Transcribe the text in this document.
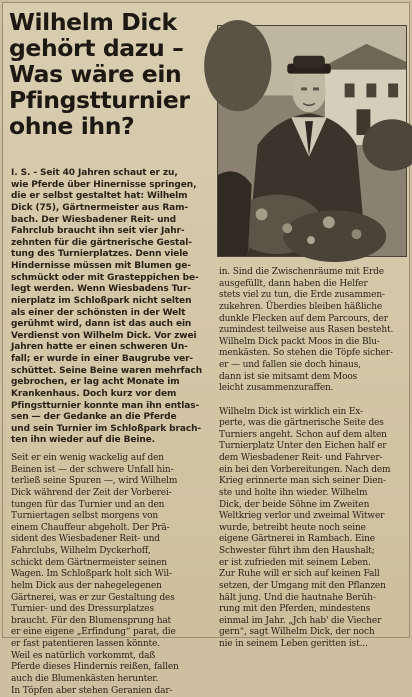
Wilhelm Dick
gehört dazu –
Was wäre ein
Pfingstturnier
ohne ihn?
I. S. - Seit 40 Jahren schaut er zu,
wie Pferde über Hinernisse springen,
die er selbst gestaltet hat: Wilhelm
Dick (75), Gärtnermeister aus Ram-
bach. Der Wiesbadener Reit- und
Fahrclub braucht ihn seit vier Jahr-
zehnten für die gärtnerische Gestal-
tung des Turnierplatzes. Denn viele
Hindernisse müssen mit Blumen ge-
schmückt oder mit Grasteppichen be-
legt werden. Wenn Wiesbadens Tur-
nierplatz im Schloßpark nicht selten
als einer der schönsten in der Welt
gerühmt wird, dann ist das auch ein
Verdienst von Wilhelm Dick. Vor zwei
Jahren hatte er einen schweren Un-
fall; er wurde in einer Baugrube ver-
schüttet. Seine Beine waren mehrfach
gebrochen, er lag acht Monate im
Krankenhaus. Doch kurz vor dem
Pfingstturnier konnte man ihn entlas-
sen — der Gedanke an die Pferde
und sein Turnier im Schloßpark brach-
ten ihn wieder auf die Beine.
Seit er ein wenig wackelig auf den
Beinen ist — der schwere Unfall hin-
terließ seine Spuren —, wird Wilhelm
Dick während der Zeit der Vorberei-
tungen für das Turnier und an den
Turniertagen selbst morgens von
einem Chauffeur abgeholt. Der Prä-
sident des Wiesbadener Reit- und
Fahrclubs, Wilhelm Dyckerhoff,
schickt dem Gärtnermeister seinen
Wagen. Im Schloßpark holt sich Wil-
helm Dick aus der nahegelegenen
Gärtnerei, was er zur Gestaltung des
Turnier- und des Dressurplatzes
braucht. Für den Blumensprung hat
er eine eigene „Erfindung“ parat, die
er fast patentieren lassen könnte.
Weil es natürlich vorkommt, daß
Pferde dieses Hindernis reißen, fallen
auch die Blumenkästen herunter.
In Töpfen aber stehen Geranien dar-
in. Sind die Zwischenräume mit Erde
ausgefüllt, dann haben die Helfer
stets viel zu tun, die Erde zusammen-
zukehren. Überdies bleiben häßliche
dunkle Flecken auf dem Parcours, der
zumindest teilweise aus Rasen besteht.
Wilhelm Dick packt Moos in die Blu-
menkästen. So stehen die Töpfe sicher-
er — und fallen sie doch hinaus,
dann ist sie mitsamt dem Moos
leicht zusammenzuraffen.

Wilhelm Dick ist wirklich ein Ex-
perte, was die gärtnerische Seite des
Turniers angeht. Schon auf dem alten
Turnierplatz Unter den Eichen half er
dem Wiesbadener Reit- und Fahrver-
ein bei den Vorbereitungen. Nach dem
Krieg erinnerte man sich seiner Dien-
ste und holte ihn wieder. Wilhelm
Dick, der beide Söhne im Zweiten
Weltkrieg verlor und zweimal Witwer
wurde, betreibt heute noch seine
eigene Gärtnerei in Rambach. Eine
Schwester führt ihm den Haushalt;
er ist zufrieden mit seinem Leben.
Zur Ruhe will er sich auf keinen Fall
setzen, der Umgang mit den Pflanzen
hält jung. Und die hautnahe Berüh-
rung mit den Pferden, mindestens
einmal im Jahr. „Jch hab' die Viecher
gern“, sagt Wilhelm Dick, der noch
nie in seinem Leben geritten ist...
